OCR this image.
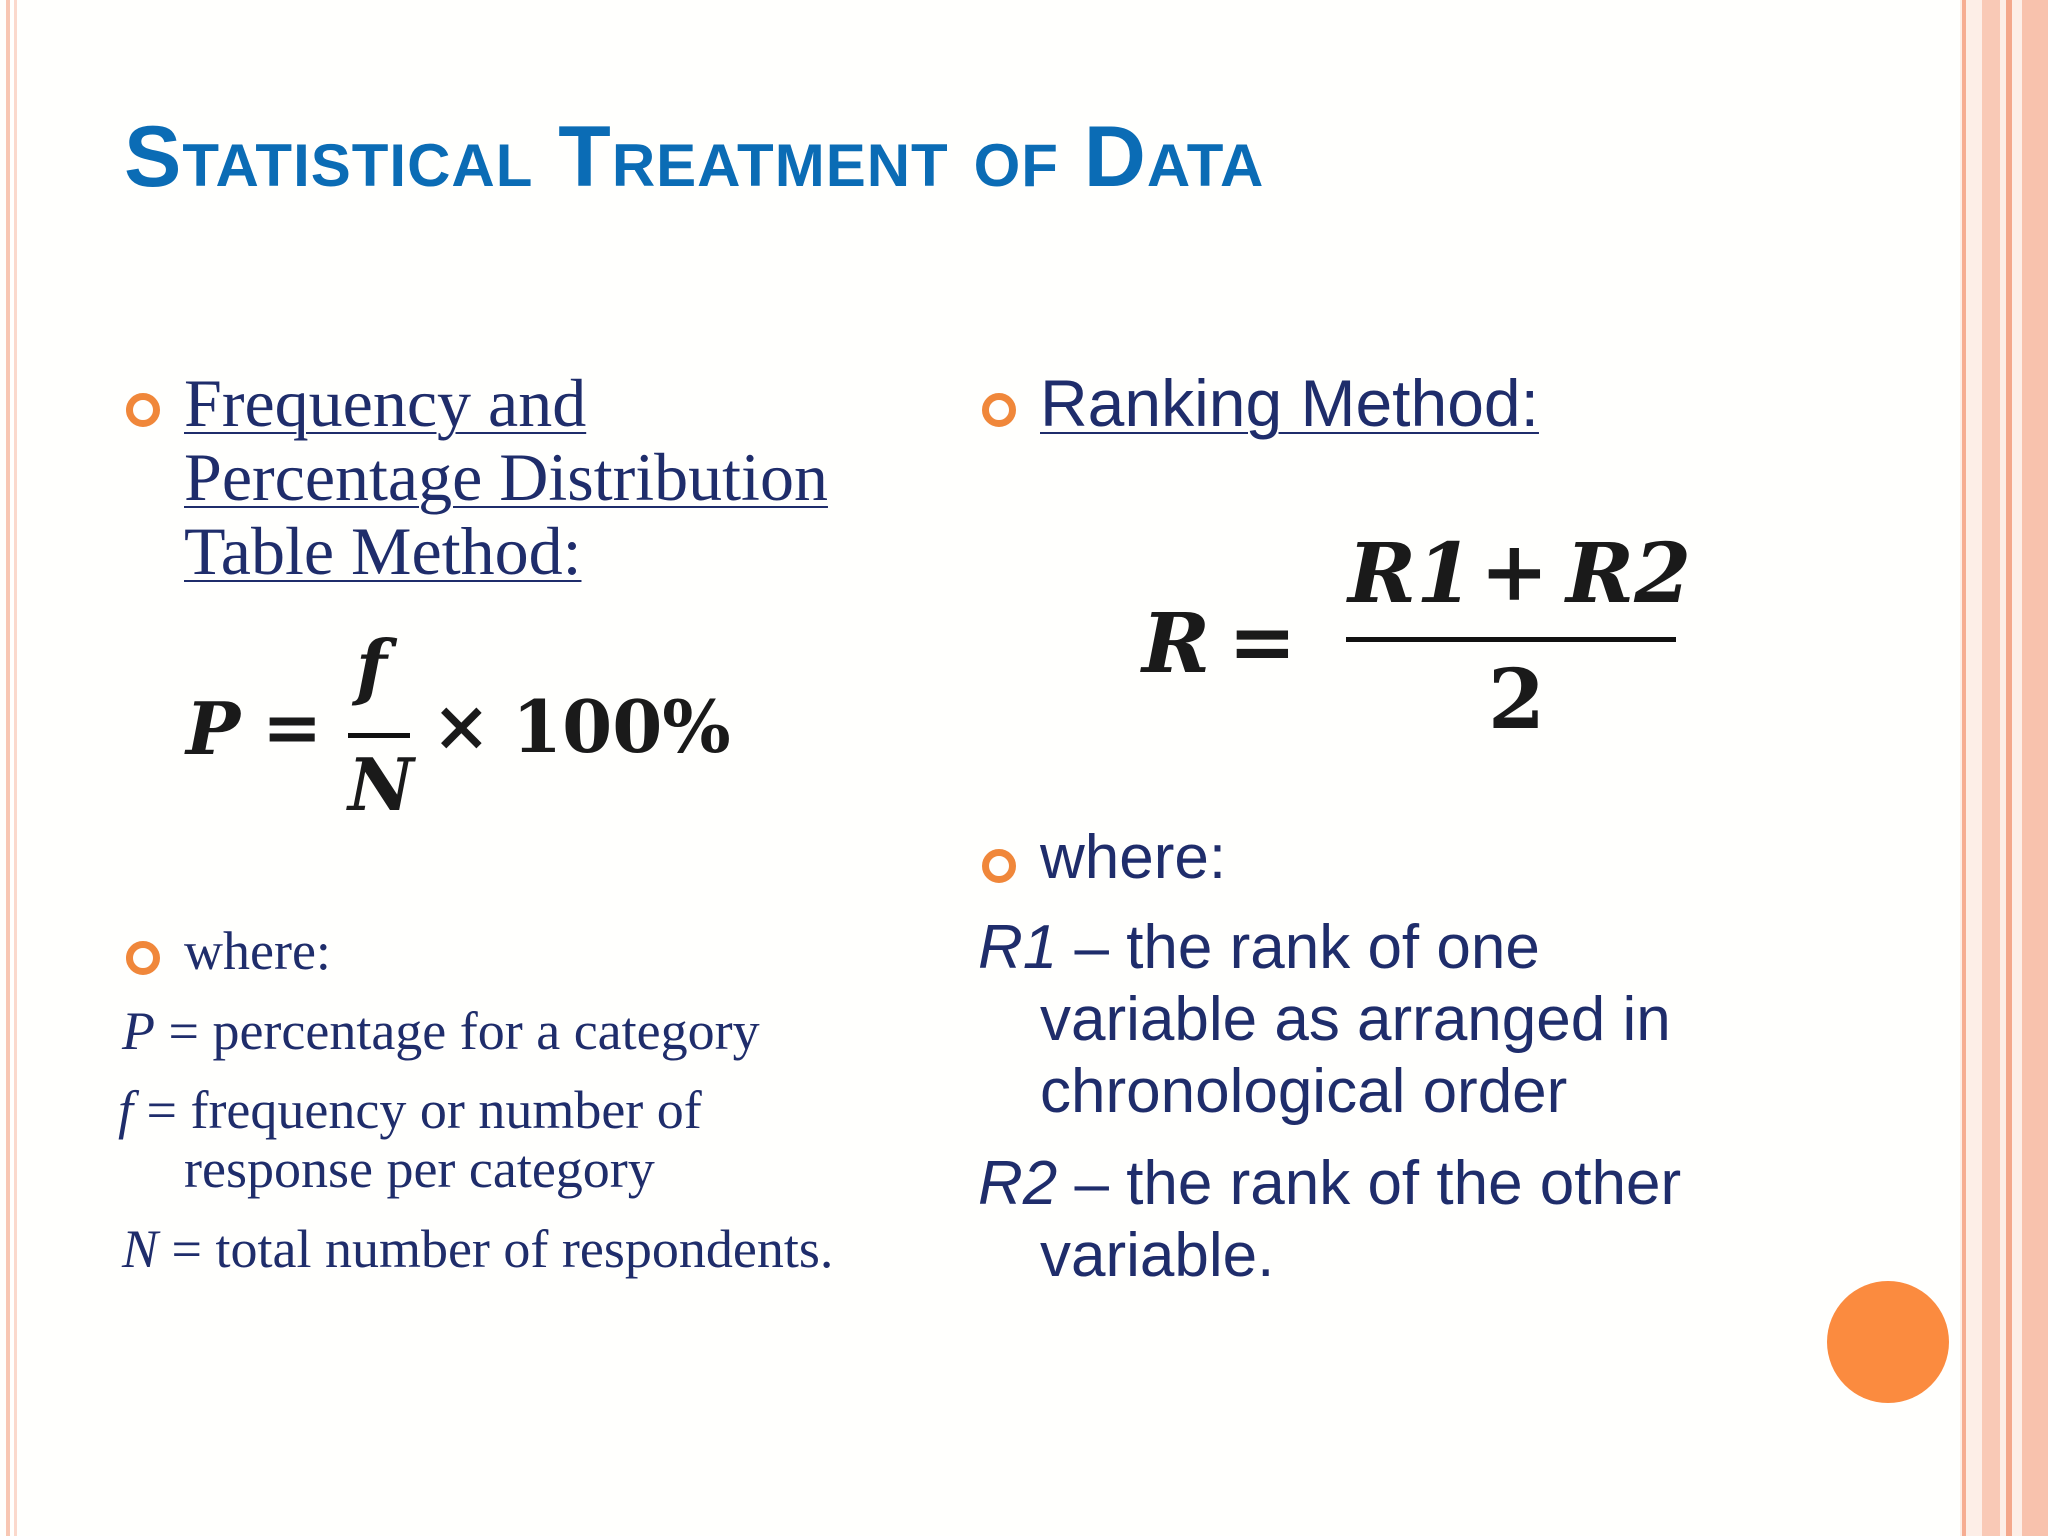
Statistical Treatment of Data
Frequency and
Percentage Distribution
Table Method:
P =
f
N
× 100%
where:
P = percentage for a category
f = frequency or number of
response per category
N = total number of respondents.
Ranking Method:
R =
R1 + R2
2
where:
R1 – the rank of one
variable as arranged in
chronological order
R2 – the rank of the other
variable.
